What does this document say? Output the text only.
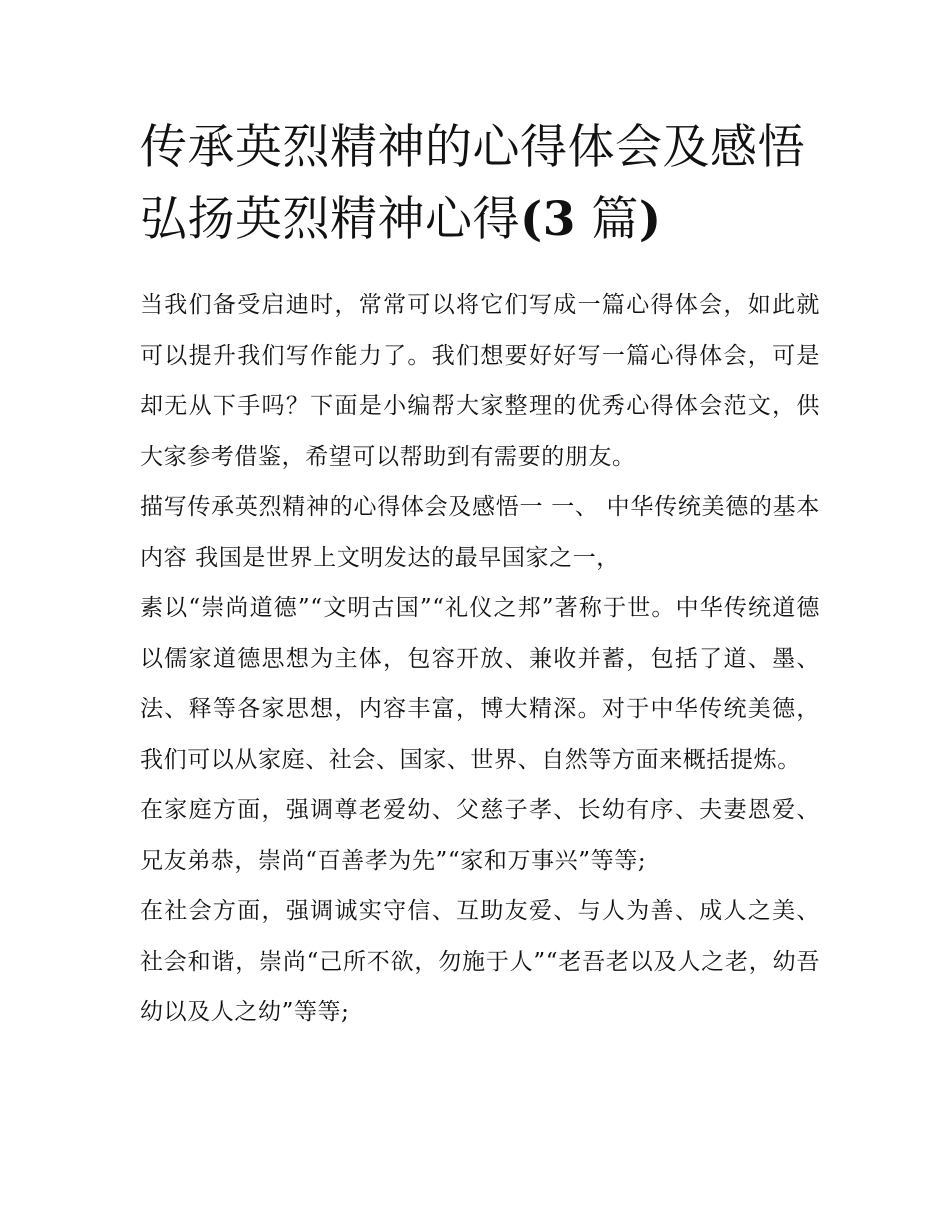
传承英烈精神的心得体会及感悟 弘扬英烈精神心得(3 篇)

当我们备受启迪时，常常可以将它们写成一篇心得体会，如此就可以提升我们写作能力了。我们想要好好写一篇心得体会，可是却无从下手吗？下面是小编帮大家整理的优秀心得体会范文，供大家参考借鉴，希望可以帮助到有需要的朋友。

描写传承英烈精神的心得体会及感悟一 一、 中华传统美德的基本内容 我国是世界上文明发达的最早国家之一，

素以“崇尚道德”“文明古国”“礼仪之邦”著称于世。中华传统道德以儒家道德思想为主体，包容开放、兼收并蓄，包括了道、墨、法、释等各家思想，内容丰富，博大精深。对于中华传统美德，我们可以从家庭、社会、国家、世界、自然等方面来概括提炼。

在家庭方面，强调尊老爱幼、父慈子孝、长幼有序、夫妻恩爱、兄友弟恭，崇尚“百善孝为先”“家和万事兴”等等;

在社会方面，强调诚实守信、互助友爱、与人为善、成人之美、社会和谐，崇尚“己所不欲，勿施于人”“老吾老以及人之老，幼吾幼以及人之幼”等等;
